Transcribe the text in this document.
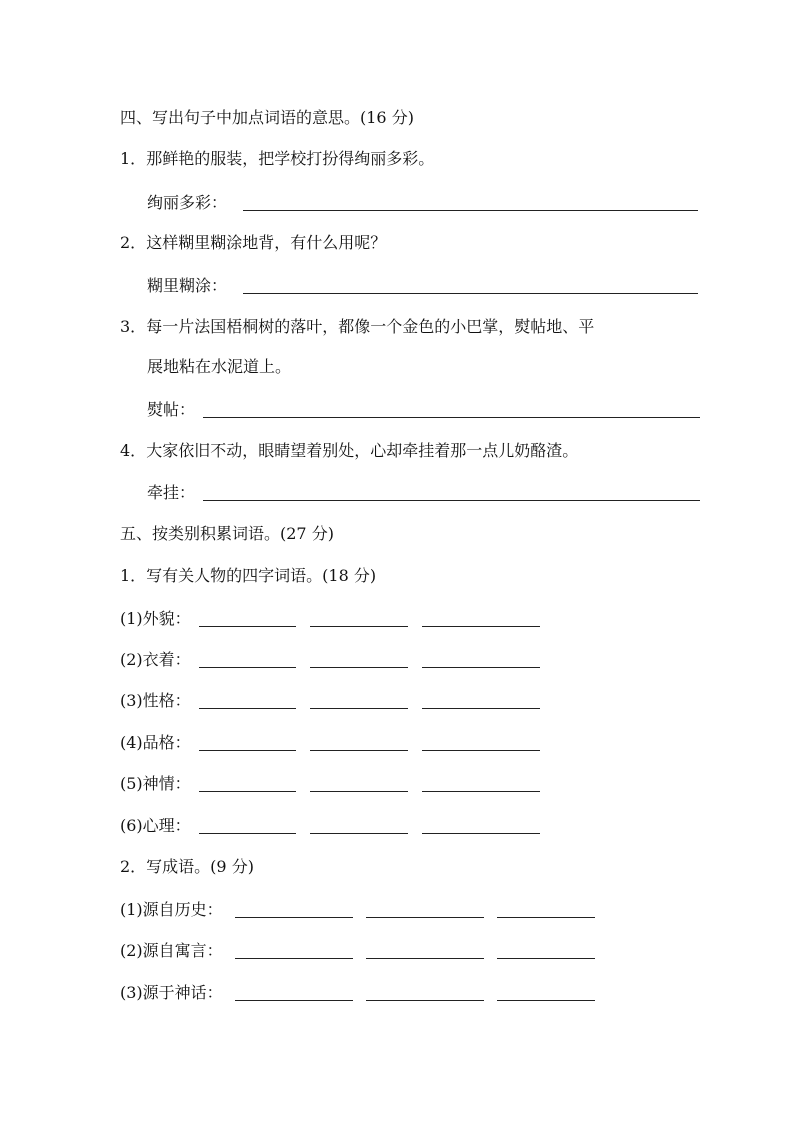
四、写出句子中加点词语的意思。(16 分)
1．那鲜艳的服装，把学校打扮得绚丽多彩。
绚丽多彩：
2．这样糊里糊涂地背，有什么用呢？
糊里糊涂：
3．每一片法国梧桐树的落叶，都像一个金色的小巴掌，熨帖地、平
展地粘在水泥道上。
熨帖：
4．大家依旧不动，眼睛望着别处，心却牵挂着那一点儿奶酪渣。
牵挂：
五、按类别积累词语。(27 分)
1．写有关人物的四字词语。(18 分)
(1)外貌：
(2)衣着：
(3)性格：
(4)品格：
(5)神情：
(6)心理：
2．写成语。(9 分)
(1)源自历史：
(2)源自寓言：
(3)源于神话：
